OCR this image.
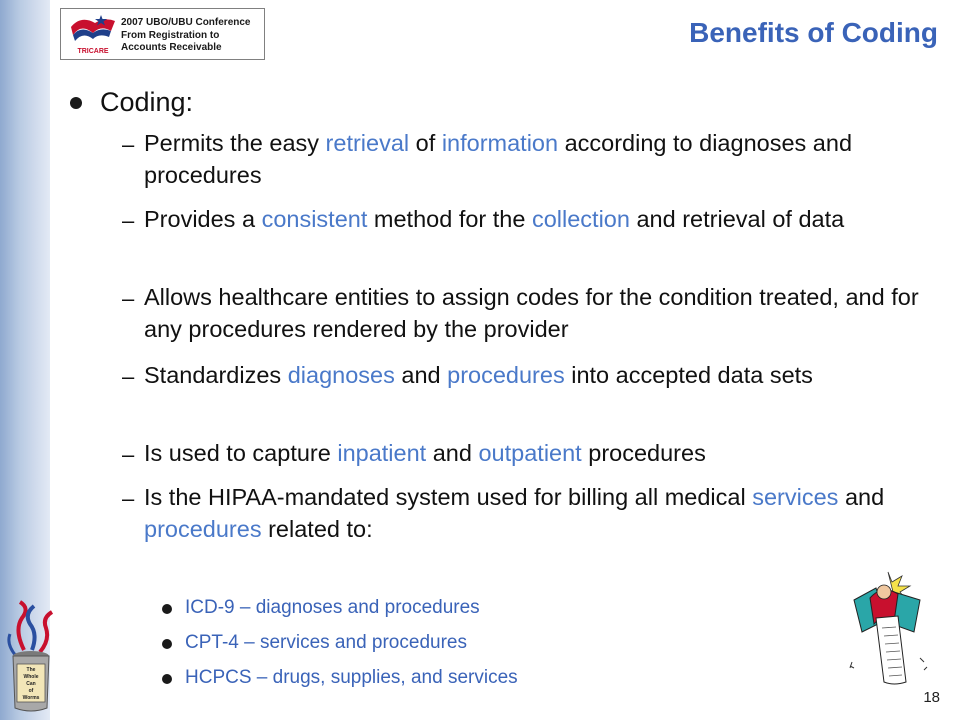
TRICARE
2007 UBO/UBU Conference
From Registration to
Accounts Receivable	Benefits of Coding
Coding:
– Permits the easy retrieval of information according to diagnoses and procedures
– Provides a consistent method for the collection and retrieval of data
– Allows healthcare entities to assign codes for the condition treated, and for any procedures rendered by the provider
– Standardizes diagnoses and procedures into accepted data sets
– Is used to capture inpatient and outpatient procedures
– Is the HIPAA-mandated system used for billing all medical services and procedures related to:
ICD-9 – diagnoses and procedures
CPT-4 – services and procedures
HCPCS – drugs, supplies, and services
The
Whole
Can
of
Worms	18
